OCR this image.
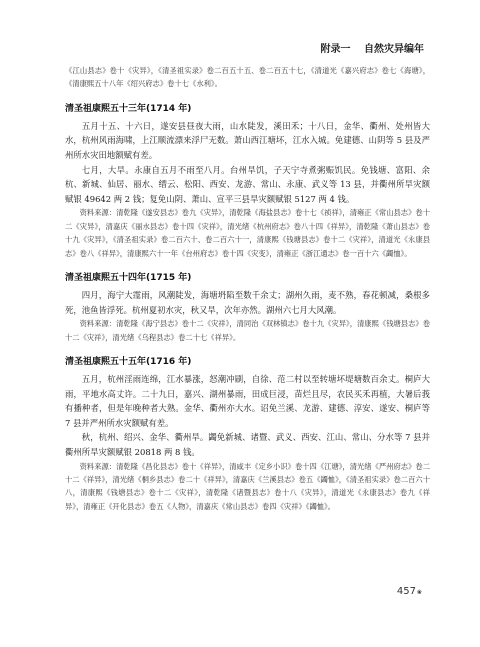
附录一 自然灾异编年

《江山县志》卷十《灾异》，《清圣祖实录》卷二百五十五、卷二百五十七，《清道光《嘉兴府志》卷七《海塘》，《清康熙五十八年《绍兴府志》卷十七《水利》。

清圣祖康熙五十三年(1714 年)

五月十五、十六日，遂安县昼夜大雨，山水陡发，溪田禾；十八日，金华、衢州、处州皆大水，杭州风雨海啸，上江顺流漂来浮尸无数。萧山西江塘坏，江水入城。免建德、山阴等 5 县及严州所水灾田地额赋有差。

七月，大旱。永康自五月不雨至八月。台州旱饥，子天宁寺煮粥赈饥民。免钱塘、富阳、余杭、新城、仙居、丽水、缙云、松阳、西安、龙游、常山、永康、武义等 13 县，并衢州所旱灾额赋银 49642 两 2 钱；复免山阴、萧山、宣平三县旱灾额赋银 5127 两 4 钱。

资料来源：清乾隆《遂安县志》卷九《灾异》，清乾隆《海盐县志》卷十七《祯祥》，清雍正《常山县志》卷十二《灾异》，清嘉庆《丽水县志》卷十四《灾祥》，清光绪《杭州府志》卷八十四《祥异》，清乾隆《萧山县志》卷十九《灾异》，《清圣祖实录》卷二百六十、卷二百六十一，清康熙《钱塘县志》卷十二《灾祥》，清道光《永康县志》卷八《祥异》，清康熙六十一年《台州府志》卷十四《灾变》，清雍正《浙江通志》卷一百十六《蠲恤》。

清圣祖康熙五十四年(1715 年)

四月，海宁大霪雨，风潮陡发，海塘坍陷至数千余丈；湖州久雨，麦不熟，春花顿减，桑根多死，池鱼皆浮死。杭州夏初水灾，秋又旱，次年亦然。湖州六七月大风潮。

资料来源：清乾隆《海宁县志》卷十二《灾祥》，清同治《双林镇志》卷十九《灾异》，清康熙《钱塘县志》卷十二《灾祥》，清光绪《乌程县志》卷二十七《祥异》。

清圣祖康熙五十五年(1716 年)

五月，杭州淫雨连绵，江水暴涨，怒潮冲刷，自徐、范二村以至转塘坏堤塘数百余丈。桐庐大雨，平地水高丈许。二十九日，嘉兴、湖州暴雨，田成巨浸，苗烂且尽，农民买禾再植，大暑后莪有播种者，但是年晚种者大熟。金华、衢州亦大水。诏免兰溪、龙游、建德、淳安、遂安、桐庐等 7 县并严州所水灾额赋有差。

秋，杭州、绍兴、金华、衢州旱。蠲免新城、诸暨、武义、西安、江山、常山、分水等 7 县并衢州所旱灾额赋银 20818 两 8 钱。

资料来源：清乾隆《昌化县志》卷十《祥异》，清咸丰《定乡小识》卷十四《江塘》，清光绪《严州府志》卷二十二《祥异》，清光绪《桐乡县志》卷二十《祥异》，清嘉庆《兰溪县志》卷五《蠲恤》，《清圣祖实录》卷二百六十八，清康熙《钱塘县志》卷十二《灾祥》，清乾隆《诸暨县志》卷十八《灾异》，清道光《永康县志》卷九《祥异》，清雍正《开化县志》卷五《人物》，清嘉庆《常山县志》卷四《灾祥》《蠲恤》。

457❀
